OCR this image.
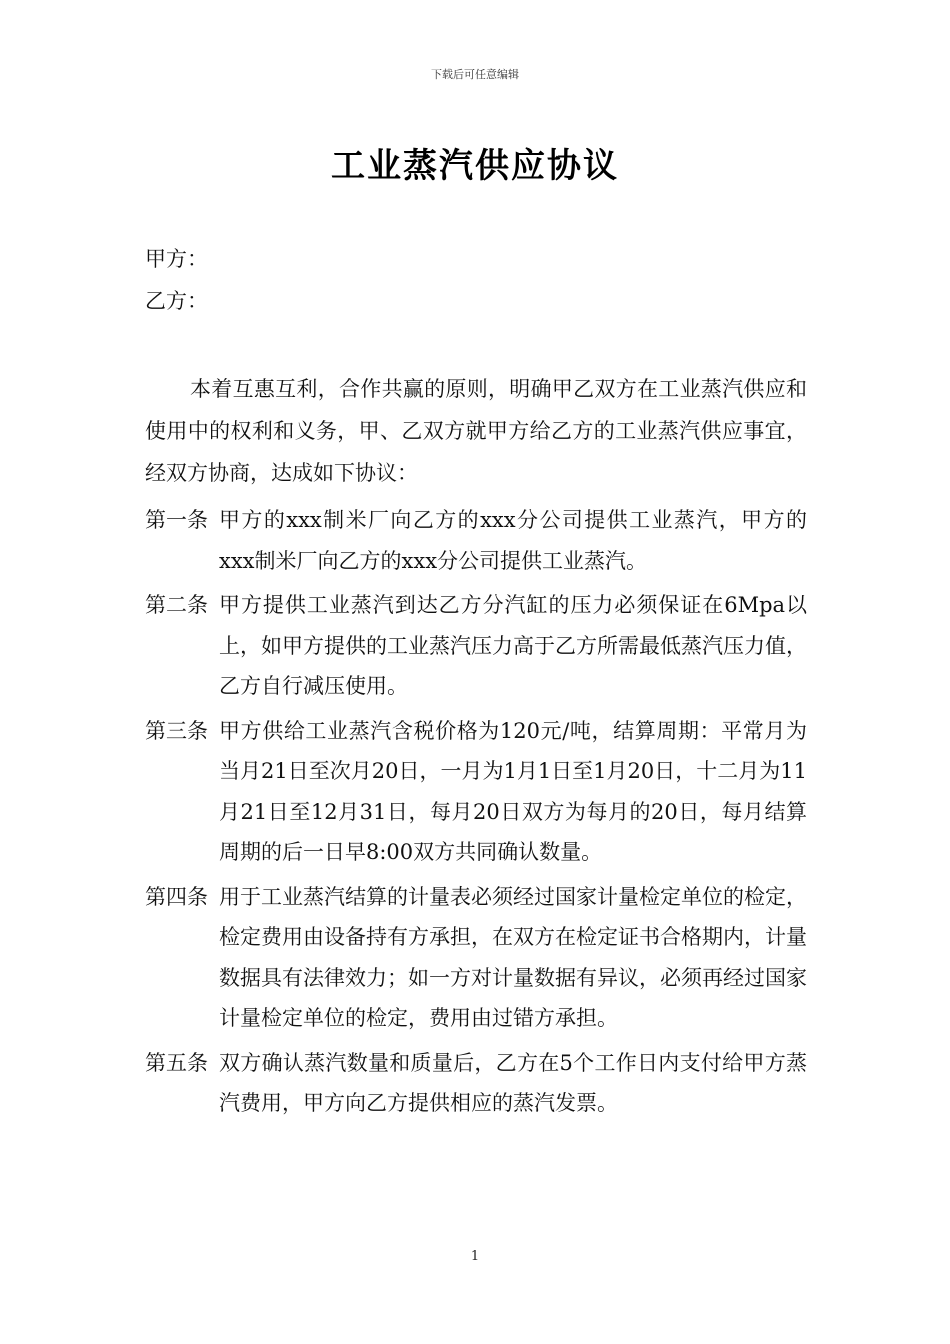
下载后可任意编辑
工业蒸汽供应协议
甲方：
乙方：

本着互惠互利，合作共赢的原则，明确甲乙双方在工业蒸汽供应和使用中的权利和义务，甲、乙双方就甲方给乙方的工业蒸汽供应事宜，经双方协商，达成如下协议：

第一条 甲方的xxx制米厂向乙方的xxx分公司提供工业蒸汽，甲方的xxx制米厂向乙方的xxx分公司提供工业蒸汽。
第二条 甲方提供工业蒸汽到达乙方分汽缸的压力必须保证在6Mpa以上，如甲方提供的工业蒸汽压力高于乙方所需最低蒸汽压力值，乙方自行减压使用。
第三条 甲方供给工业蒸汽含税价格为120元/吨，结算周期：平常月为当月21日至次月20日，一月为1月1日至1月20日，十二月为11月21日至12月31日，每月20日双方为每月的20日，每月结算周期的后一日早8:00双方共同确认数量。
第四条 用于工业蒸汽结算的计量表必须经过国家计量检定单位的检定，检定费用由设备持有方承担，在双方在检定证书合格期内，计量数据具有法律效力；如一方对计量数据有异议，必须再经过国家计量检定单位的检定，费用由过错方承担。
第五条 双方确认蒸汽数量和质量后，乙方在5个工作日内支付给甲方蒸汽费用，甲方向乙方提供相应的蒸汽发票。
1
